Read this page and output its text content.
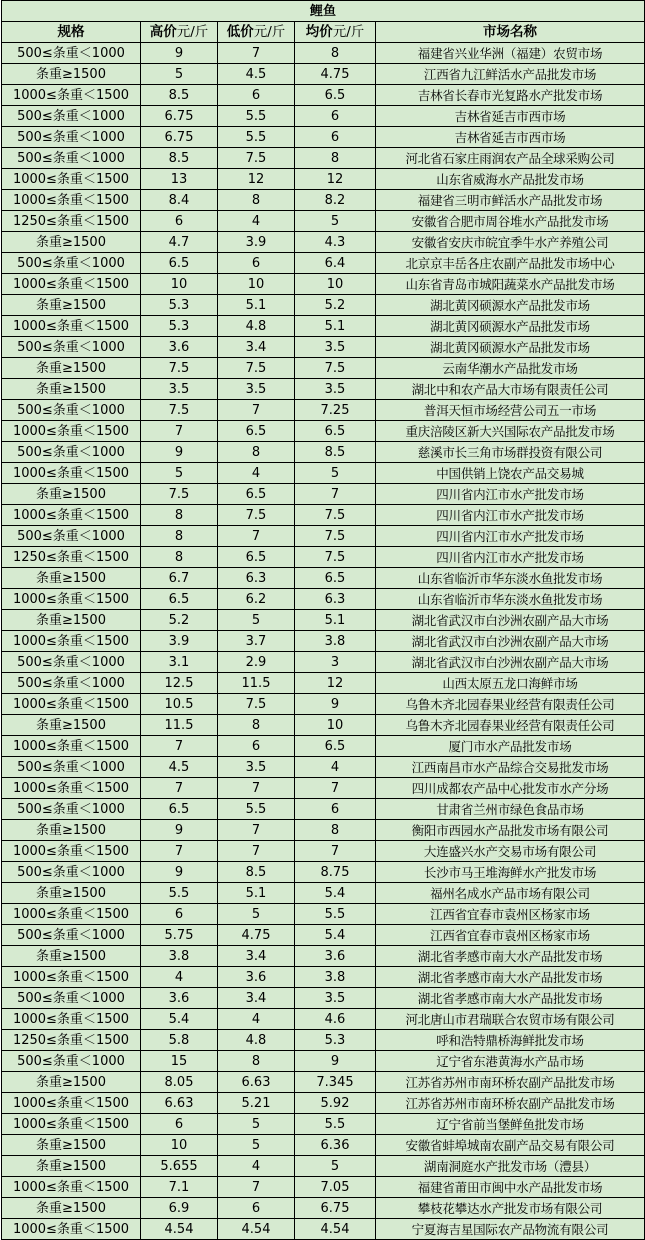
鲤鱼				
规格	高价元/斤	低价元/斤	均价元/斤	市场名称
500≤条重＜1000	9	7	8	福建省兴业华洲（福建）农贸市场
条重≥1500	5	4.5	4.75	江西省九江鲜活水产品批发市场
1000≤条重＜1500	8.5	6	6.5	吉林省长春市光复路水产批发市场
500≤条重＜1000	6.75	5.5	6	吉林省延吉市西市场
500≤条重＜1000	6.75	5.5	6	吉林省延吉市西市场
500≤条重＜1000	8.5	7.5	8	河北省石家庄雨润农产品全球采购公司
1000≤条重＜1500	13	12	12	山东省威海水产品批发市场
1000≤条重＜1500	8.4	8	8.2	福建省三明市鲜活水产品批发市场
1250≤条重＜1500	6	4	5	安徽省合肥市周谷堆水产品批发市场
条重≥1500	4.7	3.9	4.3	安徽省安庆市皖宜季牛水产养殖公司
500≤条重＜1000	6.5	6	6.4	北京京丰岳各庄农副产品批发市场中心
1000≤条重＜1500	10	10	10	山东省青岛市城阳蔬菜水产品批发市场
条重≥1500	5.3	5.1	5.2	湖北黄冈硕源水产品批发市场
1000≤条重＜1500	5.3	4.8	5.1	湖北黄冈硕源水产品批发市场
500≤条重＜1000	3.6	3.4	3.5	湖北黄冈硕源水产品批发市场
条重≥1500	7.5	7.5	7.5	云南华潮水产品批发市场
条重≥1500	3.5	3.5	3.5	湖北中和农产品大市场有限责任公司
500≤条重＜1000	7.5	7	7.25	普洱天恒市场经营公司五一市场
1000≤条重＜1500	7	6.5	6.5	重庆涪陵区新大兴国际农产品批发市场
500≤条重＜1000	9	8	8.5	慈溪市长三角市场群投资有限公司
1000≤条重＜1500	5	4	5	中国供销上饶农产品交易城
条重≥1500	7.5	6.5	7	四川省内江市水产批发市场
1000≤条重＜1500	8	7.5	7.5	四川省内江市水产批发市场
500≤条重＜1000	8	7	7.5	四川省内江市水产批发市场
1250≤条重＜1500	8	6.5	7.5	四川省内江市水产批发市场
条重≥1500	6.7	6.3	6.5	山东省临沂市华东淡水鱼批发市场
1000≤条重＜1500	6.5	6.2	6.3	山东省临沂市华东淡水鱼批发市场
条重≥1500	5.2	5	5.1	湖北省武汉市白沙洲农副产品大市场
1000≤条重＜1500	3.9	3.7	3.8	湖北省武汉市白沙洲农副产品大市场
500≤条重＜1000	3.1	2.9	3	湖北省武汉市白沙洲农副产品大市场
500≤条重＜1000	12.5	11.5	12	山西太原五龙口海鲜市场
1000≤条重＜1500	10.5	7.5	9	乌鲁木齐北园春果业经营有限责任公司
条重≥1500	11.5	8	10	乌鲁木齐北园春果业经营有限责任公司
1000≤条重＜1500	7	6	6.5	厦门市水产品批发市场
500≤条重＜1000	4.5	3.5	4	江西南昌市水产品综合交易批发市场
1000≤条重＜1500	7	7	7	四川成都农产品中心批发市水产分场
500≤条重＜1000	6.5	5.5	6	甘肃省兰州市绿色食品市场
条重≥1500	9	7	8	衡阳市西园水产品批发市场有限公司
1000≤条重＜1500	7	7	7	大连盛兴水产交易市场有限公司
500≤条重＜1000	9	8.5	8.75	长沙市马王堆海鲜水产批发市场
条重≥1500	5.5	5.1	5.4	福州名成水产品市场有限公司
1000≤条重＜1500	6	5	5.5	江西省宜春市袁州区杨家市场
500≤条重＜1000	5.75	4.75	5.4	江西省宜春市袁州区杨家市场
条重≥1500	3.8	3.4	3.6	湖北省孝感市南大水产品批发市场
1000≤条重＜1500	4	3.6	3.8	湖北省孝感市南大水产品批发市场
500≤条重＜1000	3.6	3.4	3.5	湖北省孝感市南大水产品批发市场
1000≤条重＜1500	5.4	4	4.6	河北唐山市君瑞联合农贸市场有限公司
1250≤条重＜1500	5.8	4.8	5.3	呼和浩特鼎桥海鲜批发市场
500≤条重＜1000	15	8	9	辽宁省东港黄海水产品市场
条重≥1500	8.05	6.63	7.345	江苏省苏州市南环桥农副产品批发市场
1000≤条重＜1500	6.63	5.21	5.92	江苏省苏州市南环桥农副产品批发市场
1000≤条重＜1500	6	5	5.5	辽宁省前当堡鲜鱼批发市场
条重≥1500	10	5	6.36	安徽省蚌埠城南农副产品交易有限公司
条重≥1500	5.655	4	5	湖南洞庭水产批发市场（澧县）
1000≤条重＜1500	7.1	7	7.05	福建省莆田市闽中水产品批发市场
条重≥1500	6.9	6	6.75	攀枝花攀达水产批发市场有限公司
1000≤条重＜1500	4.54	4.54	4.54	宁夏海吉星国际农产品物流有限公司
